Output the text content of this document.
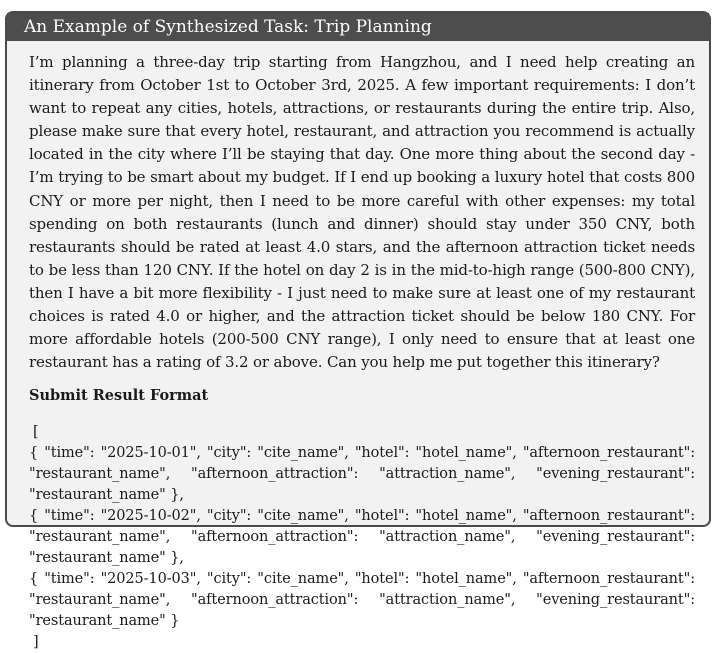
An Example of Synthesized Task: Trip Planning

I’m planning a three-day trip starting from Hangzhou, and I need help creating an itinerary from October 1st to October 3rd, 2025. A few important requirements: I don’t want to repeat any cities, hotels, attractions, or restaurants during the entire trip. Also, please make sure that every hotel, restaurant, and attraction you recommend is actually located in the city where I’ll be staying that day. One more thing about the second day - I’m trying to be smart about my budget. If I end up booking a luxury hotel that costs 800 CNY or more per night, then I need to be more careful with other expenses: my total spending on both restaurants (lunch and dinner) should stay under 350 CNY, both restaurants should be rated at least 4.0 stars, and the afternoon attraction ticket needs to be less than 120 CNY. If the hotel on day 2 is in the mid-to-high range (500-800 CNY), then I have a bit more flexibility - I just need to make sure at least one of my restaurant choices is rated 4.0 or higher, and the attraction ticket should be below 180 CNY. For more affordable hotels (200-500 CNY range), I only need to ensure that at least one restaurant has a rating of 3.2 or above. Can you help me put together this itinerary?

Submit Result Format
[
{ "time": "2025-10-01", "city": "cite_name", "hotel": "hotel_name", "afternoon_restaurant": "restaurant_name", "afternoon_attraction": "attraction_name", "evening_restaurant": "restaurant_name" },
{ "time": "2025-10-02", "city": "cite_name", "hotel": "hotel_name", "afternoon_restaurant": "restaurant_name", "afternoon_attraction": "attraction_name", "evening_restaurant": "restaurant_name" },
{ "time": "2025-10-03", "city": "cite_name", "hotel": "hotel_name", "afternoon_restaurant": "restaurant_name", "afternoon_attraction": "attraction_name", "evening_restaurant": "restaurant_name" }
]
